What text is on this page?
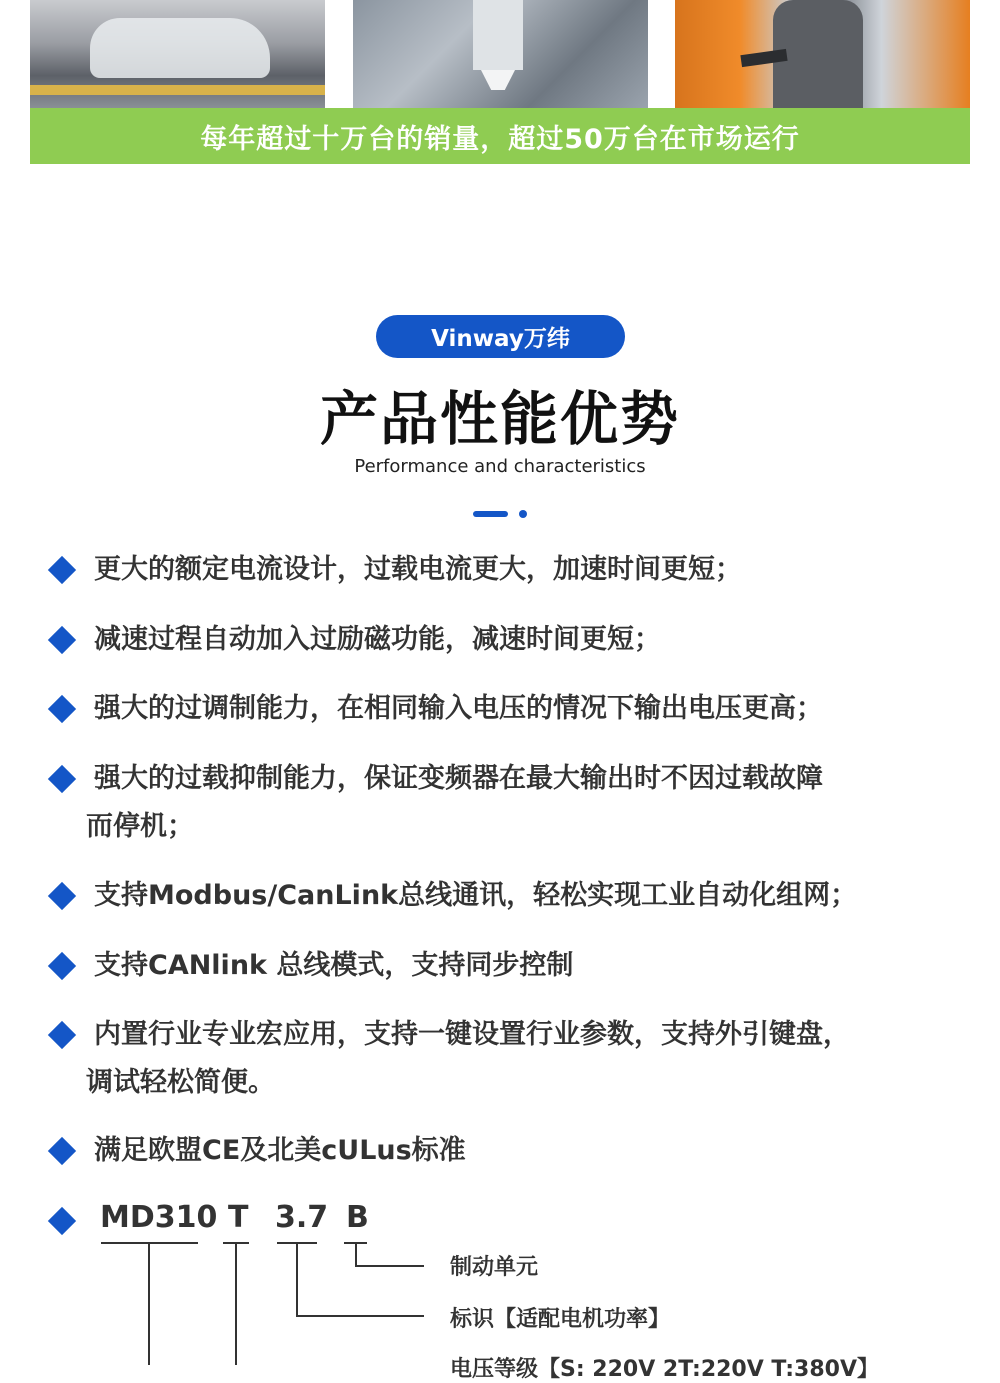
每年超过十万台的销量，超过50万台在市场运行
Vinway万纬
产品性能优势
Performance and characteristics
更大的额定电流设计，过载电流更大，加速时间更短；
减速过程自动加入过励磁功能，减速时间更短；
强大的过调制能力，在相同输入电压的情况下输出电压更高；
强大的过载抑制能力，保证变频器在最大输出时不因过载故障
而停机；
支持Modbus/CanLink总线通讯，轻松实现工业自动化组网；
支持CANlink 总线模式，支持同步控制
内置行业专业宏应用，支持一键设置行业参数，支持外引键盘，
调试轻松简便。
满足欧盟CE及北美cULus标准
MD310 T 3.7 B
制动单元
标识【适配电机功率】
电压等级【S: 220V 2T:220V T:380V】
